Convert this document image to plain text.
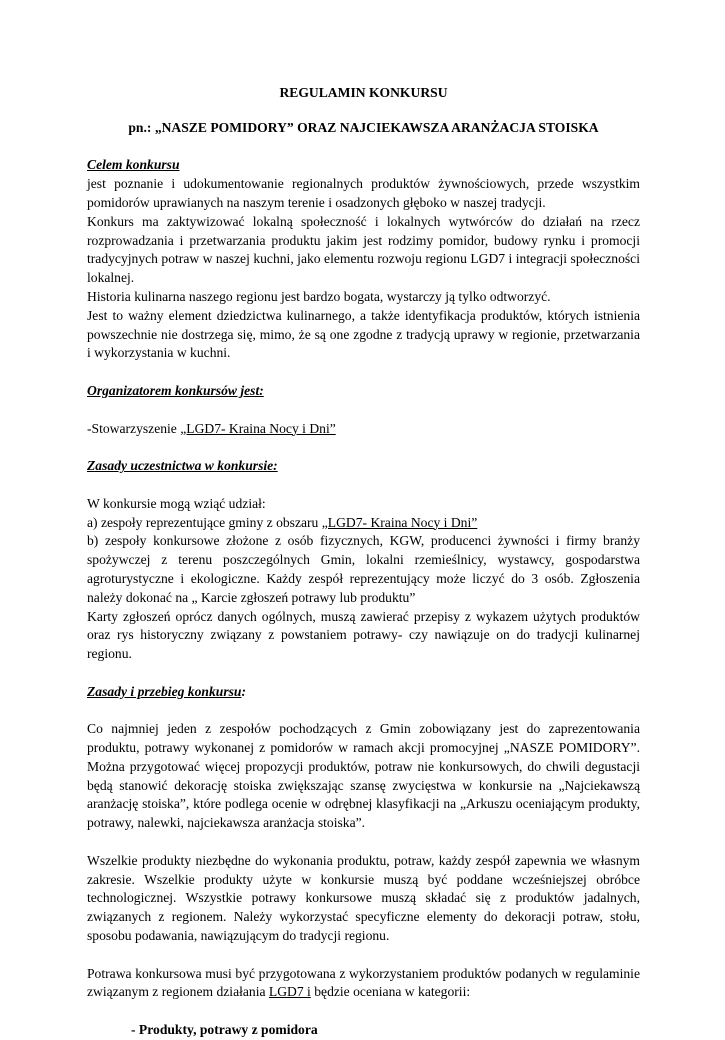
REGULAMIN KONKURSU
pn.: „NASZE POMIDORY” ORAZ NAJCIEKAWSZA ARANŻACJA STOISKA

Celem konkursu

jest poznanie i udokumentowanie regionalnych produktów żywnościowych, przede wszystkim pomidorów uprawianych na naszym terenie i osadzonych głęboko w naszej tradycji.

Konkurs ma zaktywizować lokalną społeczność i lokalnych wytwórców do działań na rzecz rozprowadzania i przetwarzania produktu jakim jest rodzimy pomidor, budowy rynku i promocji tradycyjnych potraw w naszej kuchni, jako elementu rozwoju regionu LGD7 i integracji społeczności lokalnej.

Historia kulinarna naszego regionu jest bardzo bogata, wystarczy ją tylko odtworzyć.

Jest to ważny element dziedzictwa kulinarnego, a także identyfikacja produktów, których istnienia powszechnie nie dostrzega się, mimo, że są one zgodne z tradycją uprawy w regionie, przetwarzania i wykorzystania w kuchni.

Organizatorem konkursów jest:

-Stowarzyszenie „LGD7- Kraina Nocy i Dni”

Zasady uczestnictwa w konkursie:

W konkursie mogą wziąć udział:

a) zespoły reprezentujące gminy z obszaru „LGD7- Kraina Nocy i Dni”

b) zespoły konkursowe złożone z osób fizycznych, KGW, producenci żywności i firmy branży spożywczej z terenu poszczególnych Gmin, lokalni rzemieślnicy, wystawcy, gospodarstwa agroturystyczne i ekologiczne. Każdy zespół reprezentujący może liczyć do 3 osób. Zgłoszenia należy dokonać na „ Karcie zgłoszeń potrawy lub produktu”

Karty zgłoszeń oprócz danych ogólnych, muszą zawierać przepisy z wykazem użytych produktów oraz rys historyczny związany z powstaniem potrawy- czy nawiązuje on do tradycji kulinarnej regionu.

Zasady i przebieg konkursu:

Co najmniej jeden z zespołów pochodzących z Gmin zobowiązany jest do zaprezentowania produktu, potrawy wykonanej z pomidorów w ramach akcji promocyjnej „NASZE POMIDORY”. Można przygotować więcej propozycji produktów, potraw nie konkursowych, do chwili degustacji będą stanowić dekorację stoiska zwiększając szansę zwycięstwa w konkursie na „Najciekawszą aranżację stoiska”, które podlega ocenie w odrębnej klasyfikacji na „Arkuszu oceniającym produkty, potrawy, nalewki, najciekawsza aranżacja stoiska”.

Wszelkie produkty niezbędne do wykonania produktu, potraw, każdy zespół zapewnia we własnym zakresie. Wszelkie produkty użyte w konkursie muszą być poddane wcześniejszej obróbce technologicznej. Wszystkie potrawy konkursowe muszą składać się z produktów jadalnych, związanych z regionem. Należy wykorzystać specyficzne elementy do dekoracji potraw, stołu, sposobu podawania, nawiązującym do tradycji regionu.

Potrawa konkursowa musi być przygotowana z wykorzystaniem produktów podanych w regulaminie związanym z regionem działania LGD7 i będzie oceniana w kategorii:

- Produkty, potrawy z pomidora
